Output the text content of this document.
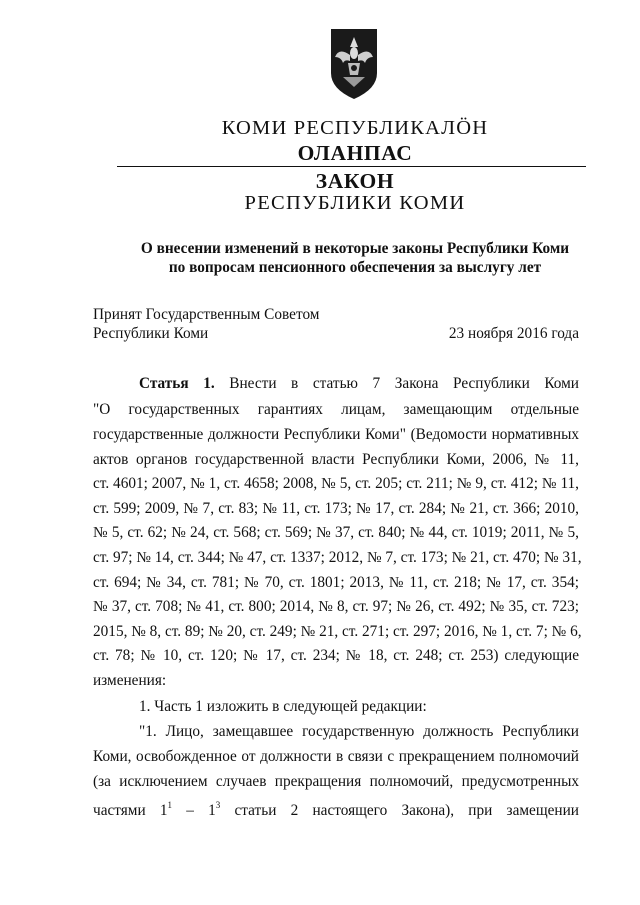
КОМИ РЕСПУБЛИКАЛÖН
ОЛАНПАС
ЗАКОН
РЕСПУБЛИКИ КОМИ
О внесении изменений в некоторые законы Республики Коми
по вопросам пенсионного обеспечения за выслугу лет
Принят Государственным Советом
Республики Коми	23 ноября 2016 года
Статья 1. Внести в статью 7 Закона Республики Коми
"О государственных гарантиях лицам, замещающим отдельные
государственные должности Республики Коми" (Ведомости нормативных
актов органов государственной власти Республики Коми, 2006, № 11,
ст. 4601; 2007, № 1, ст. 4658; 2008, № 5, ст. 205; ст. 211; № 9, ст. 412; № 11,
ст. 599; 2009, № 7, ст. 83; № 11, ст. 173; № 17, ст. 284; № 21, ст. 366; 2010,
№ 5, ст. 62; № 24, ст. 568; ст. 569; № 37, ст. 840; № 44, ст. 1019; 2011, № 5,
ст. 97; № 14, ст. 344; № 47, ст. 1337; 2012, № 7, ст. 173; № 21, ст. 470; № 31,
ст. 694; № 34, ст. 781; № 70, ст. 1801; 2013, № 11, ст. 218; № 17, ст. 354;
№ 37, ст. 708; № 41, ст. 800; 2014, № 8, ст. 97; № 26, ст. 492; № 35, ст. 723;
2015, № 8, ст. 89; № 20, ст. 249; № 21, ст. 271; ст. 297; 2016, № 1, ст. 7; № 6,
ст. 78; № 10, ст. 120; № 17, ст. 234; № 18, ст. 248; ст. 253) следующие
изменения:
1. Часть 1 изложить в следующей редакции:
"1. Лицо, замещавшее государственную должность Республики
Коми, освобожденное от должности в связи с прекращением полномочий
(за исключением случаев прекращения полномочий, предусмотренных
частями $1^1 - 1^3$ статьи 2 настоящего Закона), при замещении
